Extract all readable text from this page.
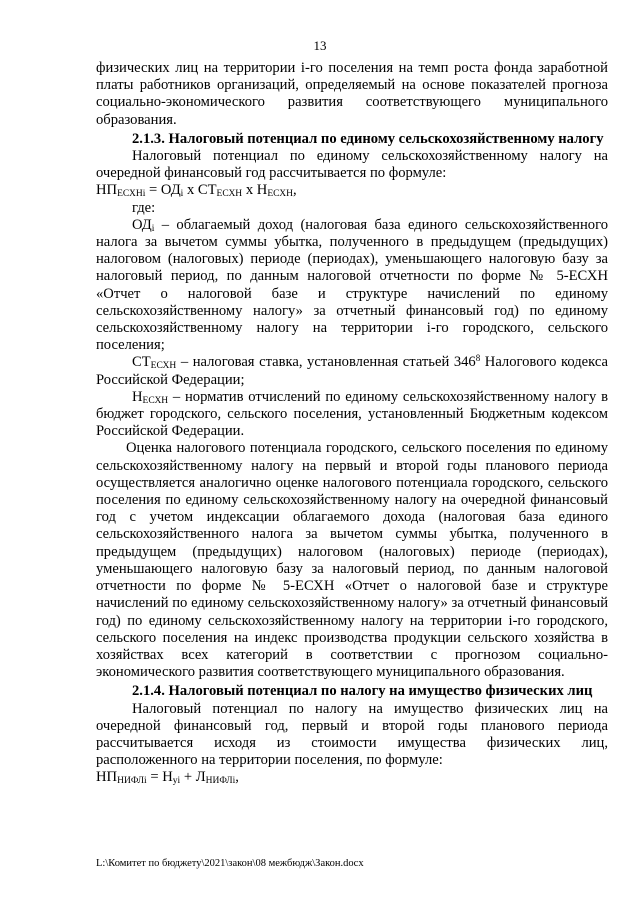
13

физических лиц на территории i-го поселения на темп роста фонда заработной платы работников организаций, определяемый на основе показателей прогноза социально-экономического развития соответствующего муниципального образования.

2.1.3. Налоговый потенциал по единому сельскохозяйственному налогу

Налоговый потенциал по единому сельскохозяйственному налогу на очередной финансовый год рассчитывается по формуле:

$НП_{ЕСХНi} = ОД_i$ х $СТ_{ЕСХН}$ х $Н_{ЕСХН}$,

где:

$ОД_i$ – облагаемый доход (налоговая база единого сельскохозяйственного налога за вычетом суммы убытка, полученного в предыдущем (предыдущих) налоговом (налоговых) периоде (периодах), уменьшающего налоговую базу за налоговый период, по данным налоговой отчетности по форме № 5-ЕСХН «Отчет о налоговой базе и структуре начислений по единому сельскохозяйственному налогу» за отчетный финансовый год) по единому сельскохозяйственному налогу на территории i-го городского, сельского поселения;

$СТ_{ЕСХН}$ – налоговая ставка, установленная статьей $346^8$ Налогового кодекса Российской Федерации;

$Н_{ЕСХН}$ – норматив отчислений по единому сельскохозяйственному налогу в бюджет городского, сельского поселения, установленный Бюджетным кодексом Российской Федерации.

Оценка налогового потенциала городского, сельского поселения по единому сельскохозяйственному налогу на первый и второй годы планового периода осуществляется аналогично оценке налогового потенциала городского, сельского поселения по единому сельскохозяйственному налогу на очередной финансовый год с учетом индексации облагаемого дохода (налоговая база единого сельскохозяйственного налога за вычетом суммы убытка, полученного в предыдущем (предыдущих) налоговом (налоговых) периоде (периодах), уменьшающего налоговую базу за налоговый период, по данным налоговой отчетности по форме № 5-ЕСХН «Отчет о налоговой базе и структуре начислений по единому сельскохозяйственному налогу» за отчетный финансовый год) по единому сельскохозяйственному налогу на территории i-го городского, сельского поселения на индекс производства продукции сельского хозяйства в хозяйствах всех категорий в соответствии с прогнозом социально-экономического развития соответствующего муниципального образования.

2.1.4. Налоговый потенциал по налогу на имущество физических лиц

Налоговый потенциал по налогу на имущество физических лиц на очередной финансовый год, первый и второй годы планового периода рассчитывается исходя из стоимости имущества физических лиц, расположенного на территории поселения, по формуле:

$НП_{НИФЛi} = Н_{уi} + Л_{НИФЛi}$,

L:\Комитет по бюджету\2021\закон\08 межбюдж\Закон.docx
